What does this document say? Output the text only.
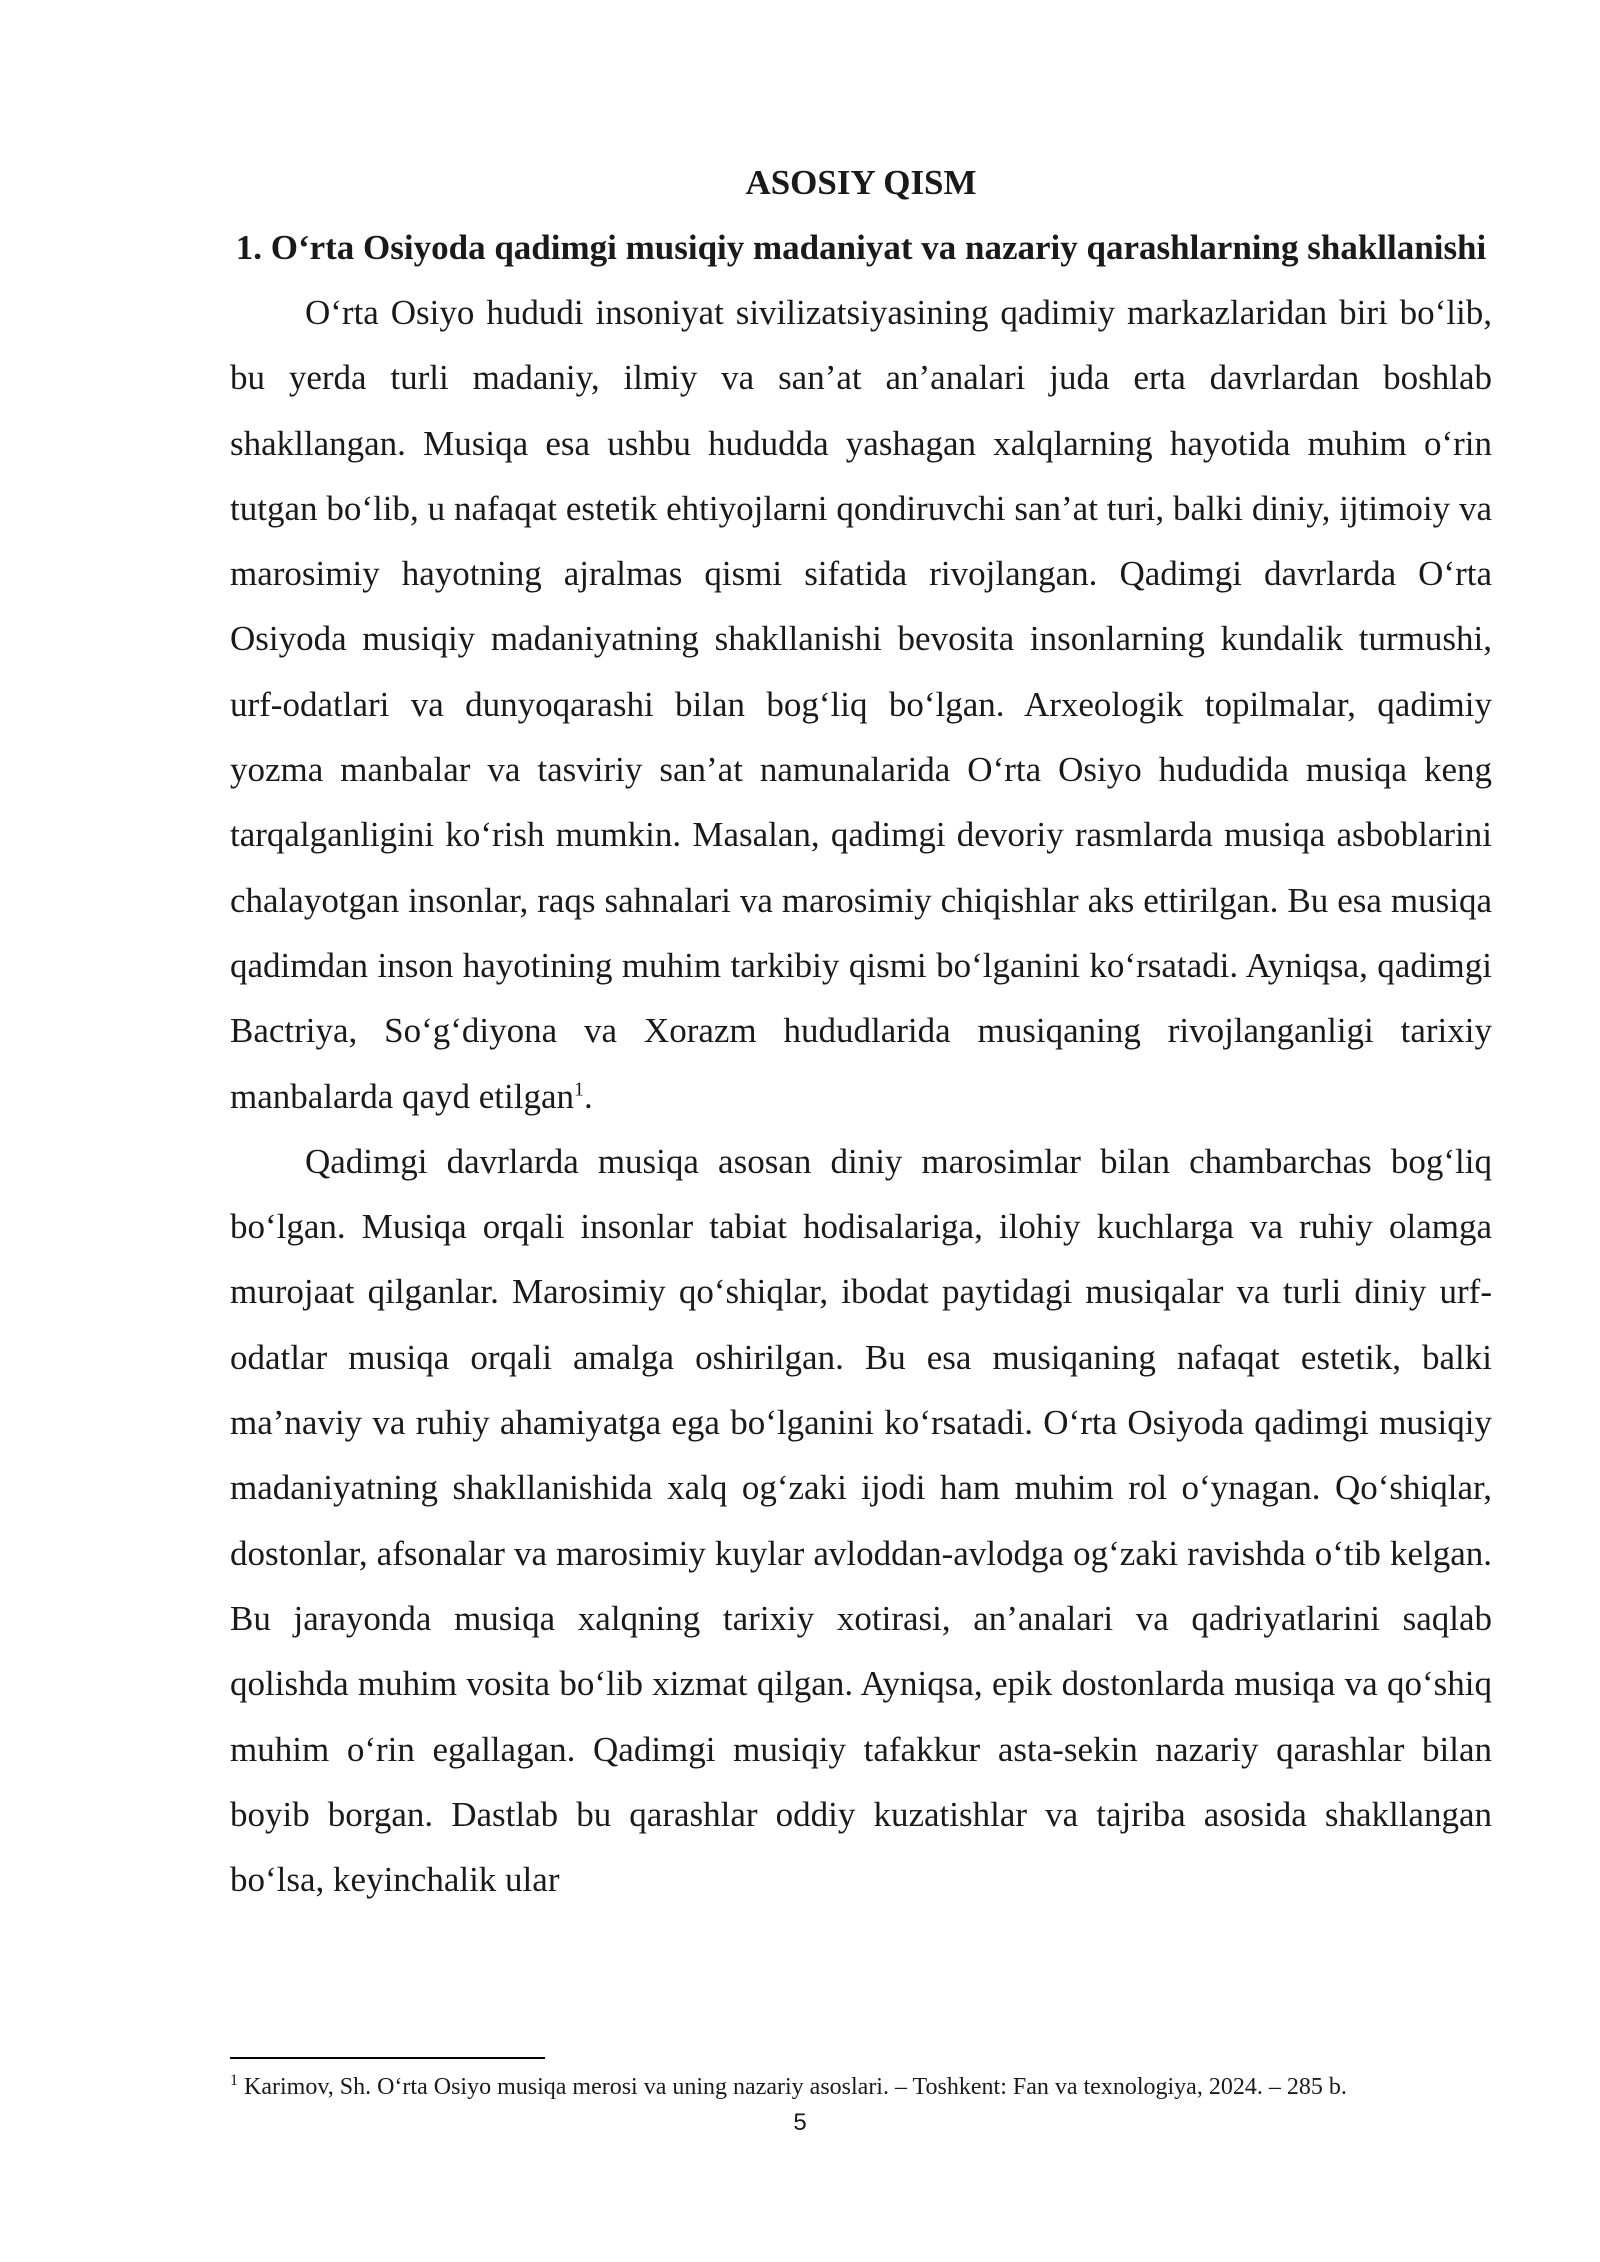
ASOSIY QISM
1. O‘rta Osiyoda qadimgi musiqiy madaniyat va nazariy qarashlarning shakllanishi

O‘rta Osiyo hududi insoniyat sivilizatsiyasining qadimiy markazlaridan biri bo‘lib, bu yerda turli madaniy, ilmiy va san’at an’analari juda erta davrlardan boshlab shakllangan. Musiqa esa ushbu hududda yashagan xalqlarning hayotida muhim o‘rin tutgan bo‘lib, u nafaqat estetik ehtiyojlarni qondiruvchi san’at turi, balki diniy, ijtimoiy va marosimiy hayotning ajralmas qismi sifatida rivojlangan. Qadimgi davrlarda O‘rta Osiyoda musiqiy madaniyatning shakllanishi bevosita insonlarning kundalik turmushi, urf-odatlari va dunyoqarashi bilan bog‘liq bo‘lgan. Arxeologik topilmalar, qadimiy yozma manbalar va tasviriy san’at namunalarida O‘rta Osiyo hududida musiqa keng tarqalganligini ko‘rish mumkin. Masalan, qadimgi devoriy rasmlarda musiqa asboblarini chalayotgan insonlar, raqs sahnalari va marosimiy chiqishlar aks ettirilgan. Bu esa musiqa qadimdan inson hayotining muhim tarkibiy qismi bo‘lganini ko‘rsatadi. Ayniqsa, qadimgi Bactriya, So‘g‘diyona va Xorazm hududlarida musiqaning rivojlanganligi tarixiy manbalarda qayd etilgan$^1$.

Qadimgi davrlarda musiqa asosan diniy marosimlar bilan chambarchas bog‘liq bo‘lgan. Musiqa orqali insonlar tabiat hodisalariga, ilohiy kuchlarga va ruhiy olamga murojaat qilganlar. Marosimiy qo‘shiqlar, ibodat paytidagi musiqalar va turli diniy urf-odatlar musiqa orqali amalga oshirilgan. Bu esa musiqaning nafaqat estetik, balki ma’naviy va ruhiy ahamiyatga ega bo‘lganini ko‘rsatadi. O‘rta Osiyoda qadimgi musiqiy madaniyatning shakllanishida xalq og‘zaki ijodi ham muhim rol o‘ynagan. Qo‘shiqlar, dostonlar, afsonalar va marosimiy kuylar avloddan-avlodga og‘zaki ravishda o‘tib kelgan. Bu jarayonda musiqa xalqning tarixiy xotirasi, an’analari va qadriyatlarini saqlab qolishda muhim vosita bo‘lib xizmat qilgan. Ayniqsa, epik dostonlarda musiqa va qo‘shiq muhim o‘rin egallagan. Qadimgi musiqiy tafakkur asta-sekin nazariy qarashlar bilan boyib borgan. Dastlab bu qarashlar oddiy kuzatishlar va tajriba asosida shakllangan bo‘lsa, keyinchalik ular

$^1$ Karimov, Sh. O‘rta Osiyo musiqa merosi va uning nazariy asoslari. – Toshkent: Fan va texnologiya, 2024. – 285 b.
5
